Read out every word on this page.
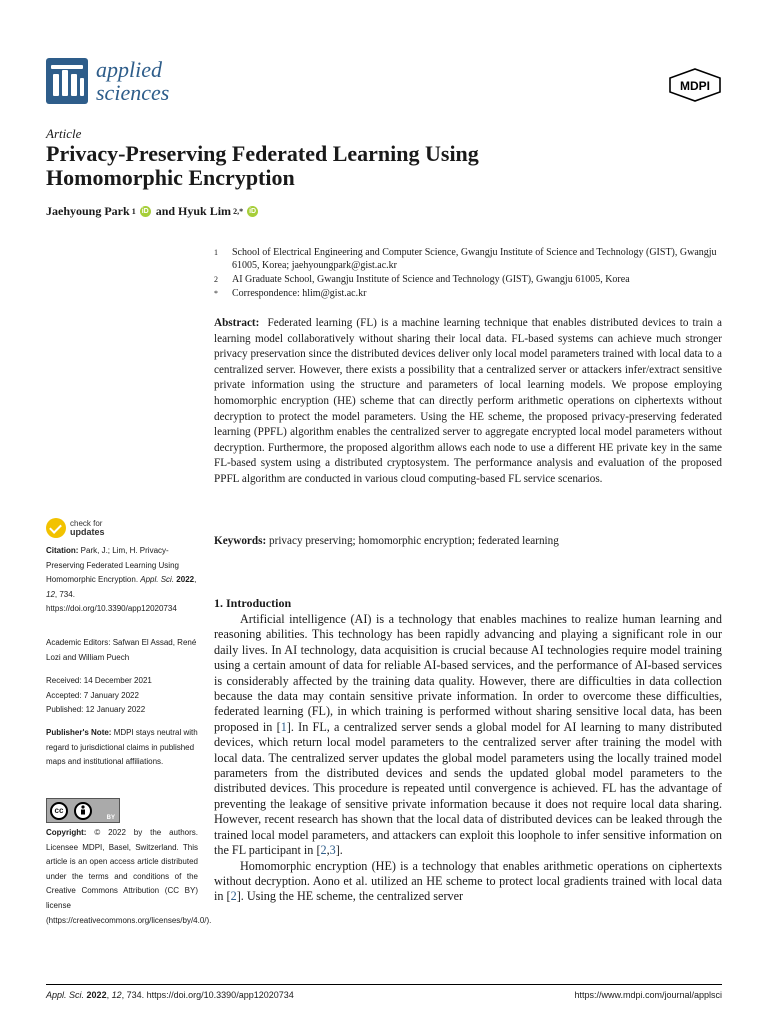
applied
sciences	MDPI
Article
Privacy-Preserving Federated Learning Using Homomorphic Encryption
Jaehyoung Park 1 iD and Hyuk Lim 2,* iD
1	School of Electrical Engineering and Computer Science, Gwangju Institute of Science and Technology (GIST), Gwangju 61005, Korea; jaehyoungpark@gist.ac.kr
2	AI Graduate School, Gwangju Institute of Science and Technology (GIST), Gwangju 61005, Korea
*	Correspondence: hlim@gist.ac.kr
Abstract: Federated learning (FL) is a machine learning technique that enables distributed devices to train a learning model collaboratively without sharing their local data. FL-based systems can achieve much stronger privacy preservation since the distributed devices deliver only local model parameters trained with local data to a centralized server. However, there exists a possibility that a centralized server or attackers infer/extract sensitive private information using the structure and parameters of local learning models. We propose employing homomorphic encryption (HE) scheme that can directly perform arithmetic operations on ciphertexts without decryption to protect the model parameters. Using the HE scheme, the proposed privacy-preserving federated learning (PPFL) algorithm enables the centralized server to aggregate encrypted local model parameters without decryption. Furthermore, the proposed algorithm allows each node to use a different HE private key in the same FL-based system using a distributed cryptosystem. The performance analysis and evaluation of the proposed PPFL algorithm are conducted in various cloud computing-based FL service scenarios.
Keywords: privacy preserving; homomorphic encryption; federated learning
check for
updates
Citation: Park, J.; Lim, H. Privacy-Preserving Federated Learning Using Homomorphic Encryption. Appl. Sci. 2022, 12, 734. https://doi.org/10.3390/app12020734
Academic Editors: Safwan El Assad, René Lozi and William Puech
Received: 14 December 2021
Accepted: 7 January 2022
Published: 12 January 2022
Publisher's Note: MDPI stays neutral with regard to jurisdictional claims in published maps and institutional affiliations.
cc
BY
Copyright: © 2022 by the authors. Licensee MDPI, Basel, Switzerland. This article is an open access article distributed under the terms and conditions of the Creative Commons Attribution (CC BY) license (https://creativecommons.org/licenses/by/4.0/).
1. Introduction

Artificial intelligence (AI) is a technology that enables machines to realize human learning and reasoning abilities. This technology has been rapidly advancing and playing a significant role in our daily lives. In AI technology, data acquisition is crucial because AI technologies require model training using a certain amount of data for reliable AI-based services, and the performance of AI-based services is considerably affected by the training data quality. However, there are difficulties in data collection because the data may contain sensitive private information. In order to overcome these difficulties, federated learning (FL), in which training is performed without sharing sensitive local data, has been proposed in [1]. In FL, a centralized server sends a global model for AI learning to many distributed devices, which return local model parameters to the centralized server after training the model with local data. The centralized server updates the global model parameters using the locally trained model parameters from the distributed devices and sends the updated global model parameters to the distributed devices. This procedure is repeated until convergence is achieved. FL has the advantage of preventing the leakage of sensitive private information because it does not require local data sharing. However, recent research has shown that the local data of distributed devices can be leaked through the trained local model parameters, and attackers can exploit this loophole to infer sensitive information on the FL participant in [2,3].

Homomorphic encryption (HE) is a technology that enables arithmetic operations on ciphertexts without decryption. Aono et al. utilized an HE scheme to protect local gradients trained with local data in [2]. Using the HE scheme, the centralized server

Appl. Sci. 2022, 12, 734. https://doi.org/10.3390/app12020734	https://www.mdpi.com/journal/applsci
